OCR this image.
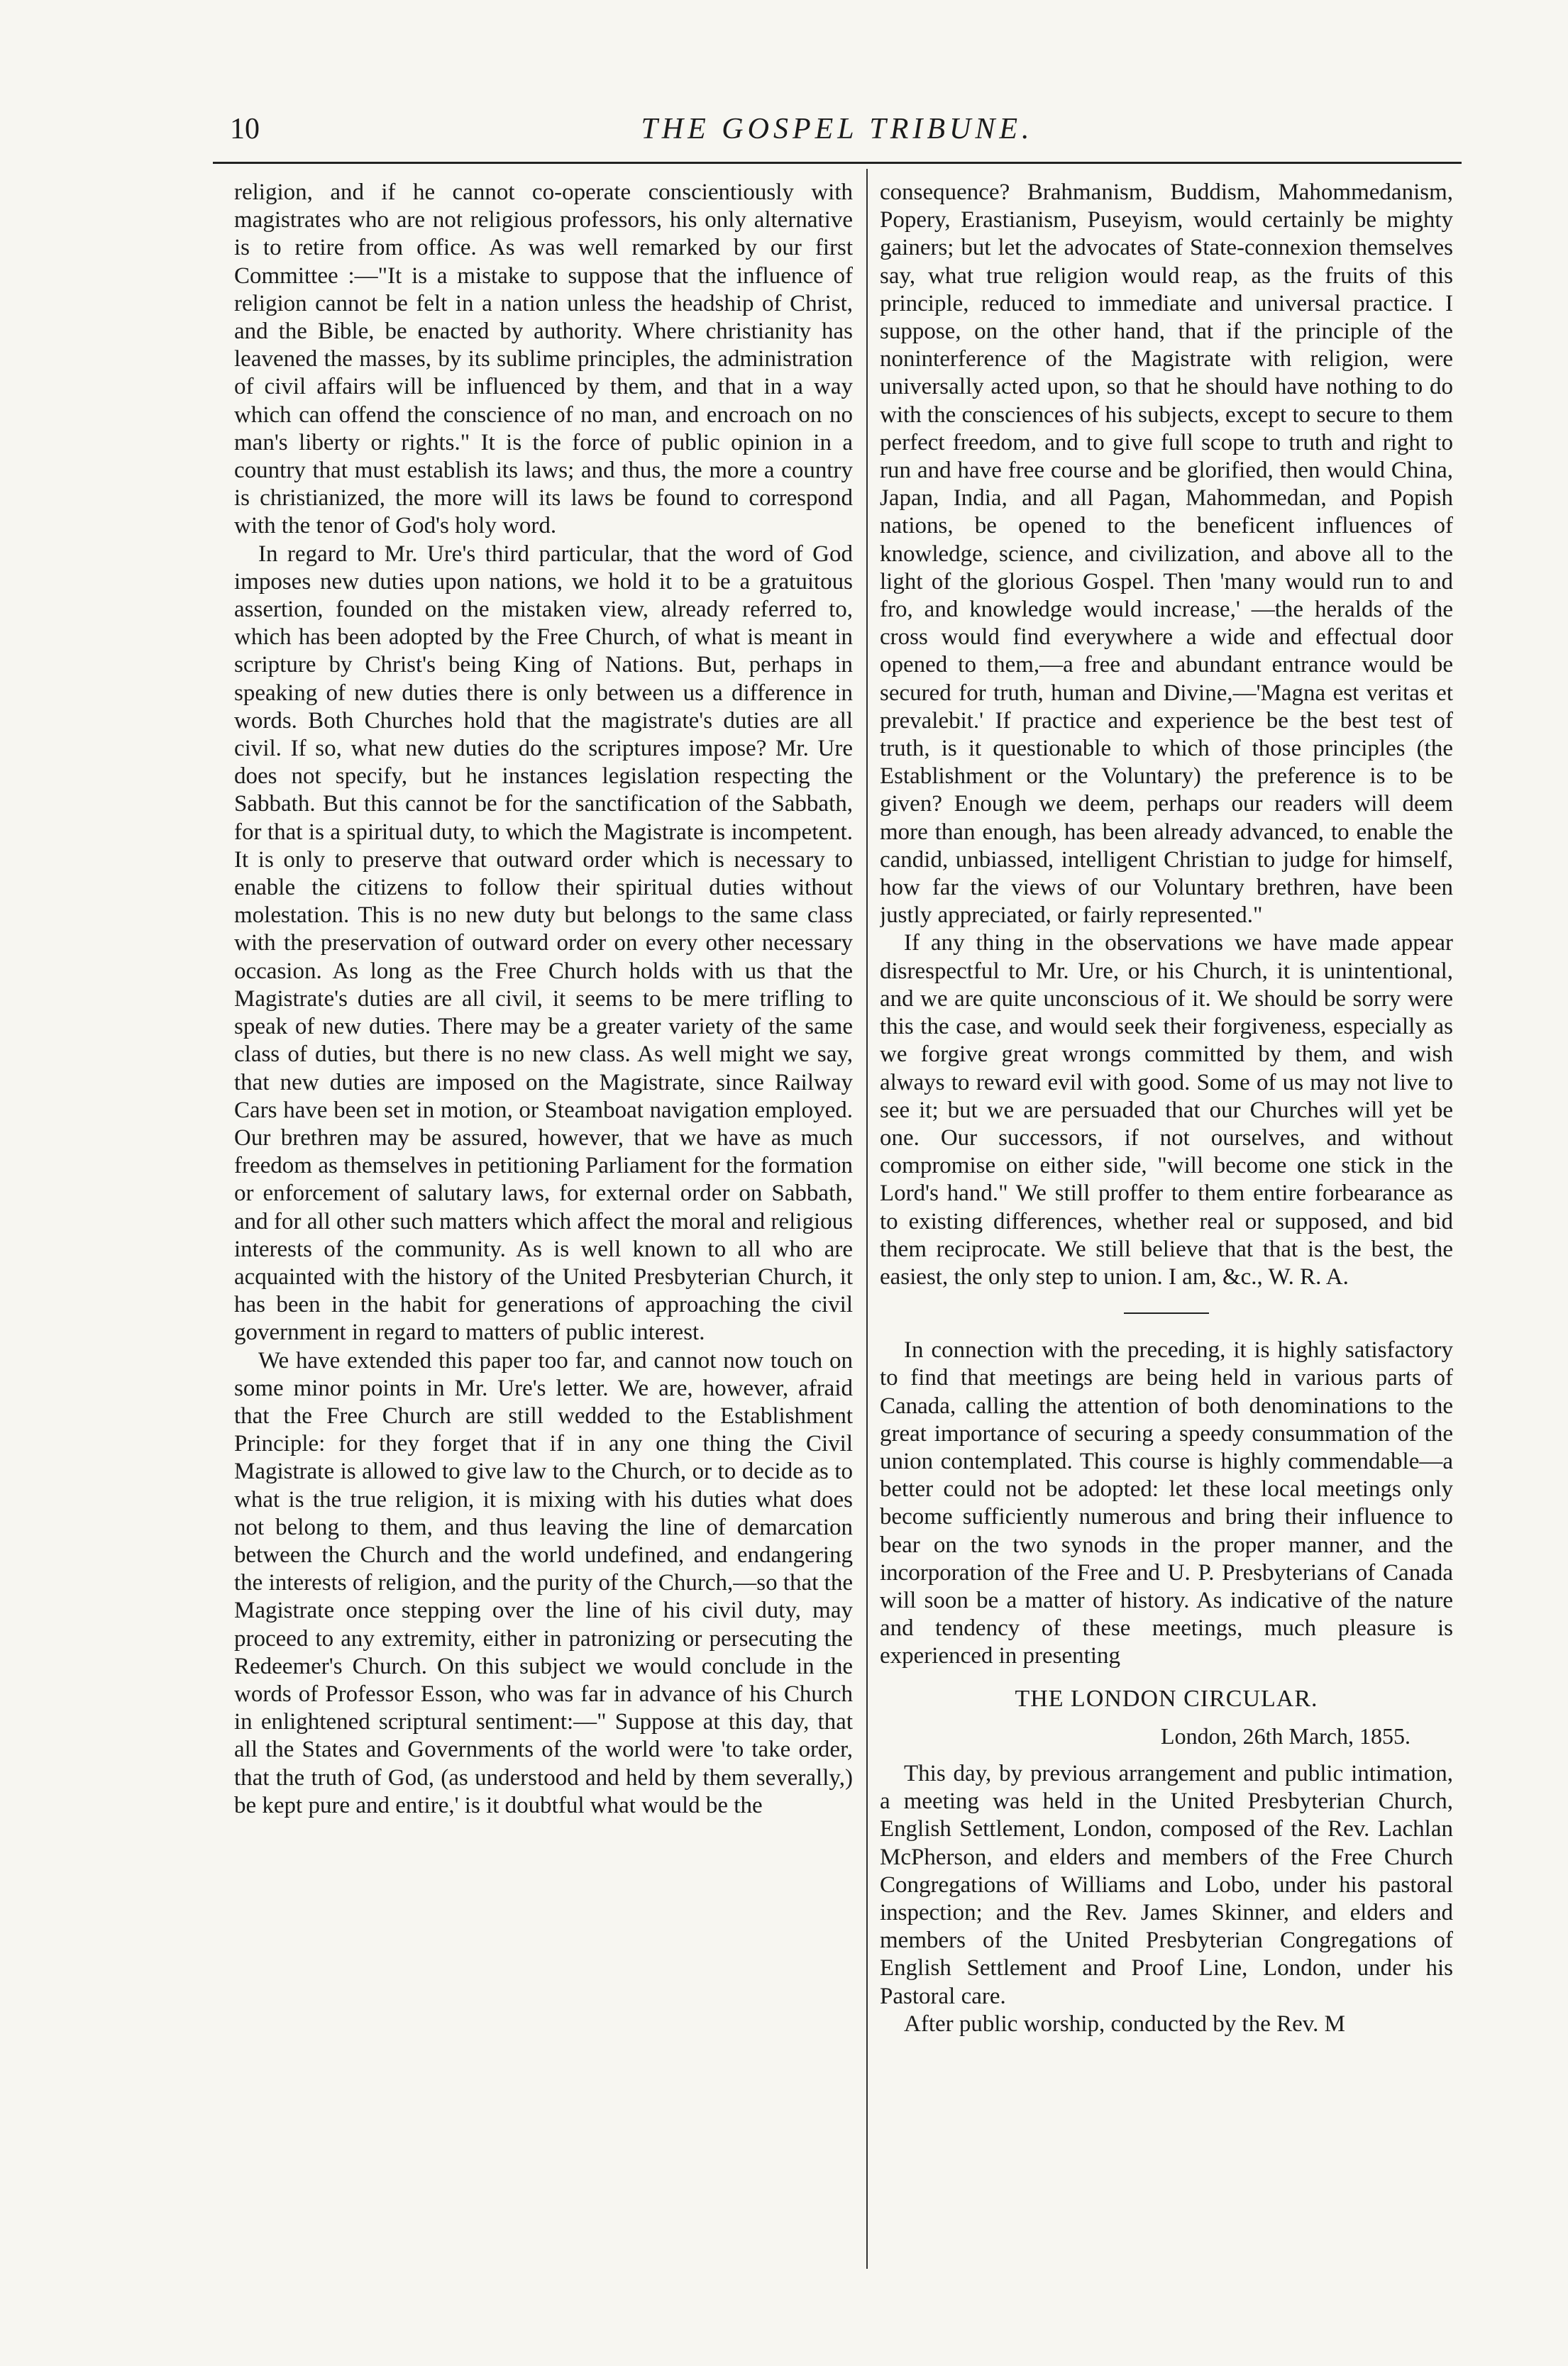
10	THE GOSPEL TRIBUNE.

religion, and if he cannot co-operate conscientiously with magistrates who are not religious professors, his only alternative is to retire from office. As was well remarked by our first Committee :—"It is a mistake to suppose that the influence of religion cannot be felt in a nation unless the headship of Christ, and the Bible, be enacted by authority. Where christianity has leavened the masses, by its sublime principles, the administration of civil affairs will be influenced by them, and that in a way which can offend the conscience of no man, and encroach on no man's liberty or rights." It is the force of public opinion in a country that must establish its laws; and thus, the more a country is christianized, the more will its laws be found to correspond with the tenor of God's holy word.

In regard to Mr. Ure's third particular, that the word of God imposes new duties upon nations, we hold it to be a gratuitous assertion, founded on the mistaken view, already referred to, which has been adopted by the Free Church, of what is meant in scripture by Christ's being King of Nations. But, perhaps in speaking of new duties there is only between us a difference in words. Both Churches hold that the magistrate's duties are all civil. If so, what new duties do the scriptures impose? Mr. Ure does not specify, but he instances legislation respecting the Sabbath. But this cannot be for the sanctification of the Sabbath, for that is a spiritual duty, to which the Magistrate is incompetent. It is only to preserve that outward order which is necessary to enable the citizens to follow their spiritual duties without molestation. This is no new duty but belongs to the same class with the preservation of outward order on every other necessary occasion. As long as the Free Church holds with us that the Magistrate's duties are all civil, it seems to be mere trifling to speak of new duties. There may be a greater variety of the same class of duties, but there is no new class. As well might we say, that new duties are imposed on the Magistrate, since Railway Cars have been set in motion, or Steamboat navigation employed. Our brethren may be assured, however, that we have as much freedom as themselves in petitioning Parliament for the formation or enforcement of salutary laws, for external order on Sabbath, and for all other such matters which affect the moral and religious interests of the community. As is well known to all who are acquainted with the history of the United Presbyterian Church, it has been in the habit for generations of approaching the civil government in regard to matters of public interest.

We have extended this paper too far, and cannot now touch on some minor points in Mr. Ure's letter. We are, however, afraid that the Free Church are still wedded to the Establishment Principle: for they forget that if in any one thing the Civil Magistrate is allowed to give law to the Church, or to decide as to what is the true religion, it is mixing with his duties what does not belong to them, and thus leaving the line of demarcation between the Church and the world undefined, and endangering the interests of religion, and the purity of the Church,—so that the Magistrate once stepping over the line of his civil duty, may proceed to any extremity, either in patronizing or persecuting the Redeemer's Church. On this subject we would conclude in the words of Professor Esson, who was far in advance of his Church in enlightened scriptural sentiment:—" Suppose at this day, that all the States and Governments of the world were 'to take order, that the truth of God, (as understood and held by them severally,) be kept pure and entire,' is it doubtful what would be the

consequence? Brahmanism, Buddism, Mahommedanism, Popery, Erastianism, Puseyism, would certainly be mighty gainers; but let the advocates of State-connexion themselves say, what true religion would reap, as the fruits of this principle, reduced to immediate and universal practice. I suppose, on the other hand, that if the principle of the noninterference of the Magistrate with religion, were universally acted upon, so that he should have nothing to do with the consciences of his subjects, except to secure to them perfect freedom, and to give full scope to truth and right to run and have free course and be glorified, then would China, Japan, India, and all Pagan, Mahommedan, and Popish nations, be opened to the beneficent influences of knowledge, science, and civilization, and above all to the light of the glorious Gospel. Then 'many would run to and fro, and knowledge would increase,' —the heralds of the cross would find everywhere a wide and effectual door opened to them,—a free and abundant entrance would be secured for truth, human and Divine,—'Magna est veritas et prevalebit.' If practice and experience be the best test of truth, is it questionable to which of those principles (the Establishment or the Voluntary) the preference is to be given? Enough we deem, perhaps our readers will deem more than enough, has been already advanced, to enable the candid, unbiassed, intelligent Christian to judge for himself, how far the views of our Voluntary brethren, have been justly appreciated, or fairly represented."

If any thing in the observations we have made appear disrespectful to Mr. Ure, or his Church, it is unintentional, and we are quite unconscious of it. We should be sorry were this the case, and would seek their forgiveness, especially as we forgive great wrongs committed by them, and wish always to reward evil with good. Some of us may not live to see it; but we are persuaded that our Churches will yet be one. Our successors, if not ourselves, and without compromise on either side, "will become one stick in the Lord's hand." We still proffer to them entire forbearance as to existing differences, whether real or supposed, and bid them reciprocate. We still believe that that is the best, the easiest, the only step to union. I am, &c., W. R. A.

In connection with the preceding, it is highly satisfactory to find that meetings are being held in various parts of Canada, calling the attention of both denominations to the great importance of securing a speedy consummation of the union contemplated. This course is highly commendable—a better could not be adopted: let these local meetings only become sufficiently numerous and bring their influence to bear on the two synods in the proper manner, and the incorporation of the Free and U. P. Presbyterians of Canada will soon be a matter of history. As indicative of the nature and tendency of these meetings, much pleasure is experienced in presenting

THE LONDON CIRCULAR.
London, 26th March, 1855.

This day, by previous arrangement and public intimation, a meeting was held in the United Presbyterian Church, English Settlement, London, composed of the Rev. Lachlan McPherson, and elders and members of the Free Church Congregations of Williams and Lobo, under his pastoral inspection; and the Rev. James Skinner, and elders and members of the United Presbyterian Congregations of English Settlement and Proof Line, London, under his Pastoral care.

After public worship, conducted by the Rev. M
